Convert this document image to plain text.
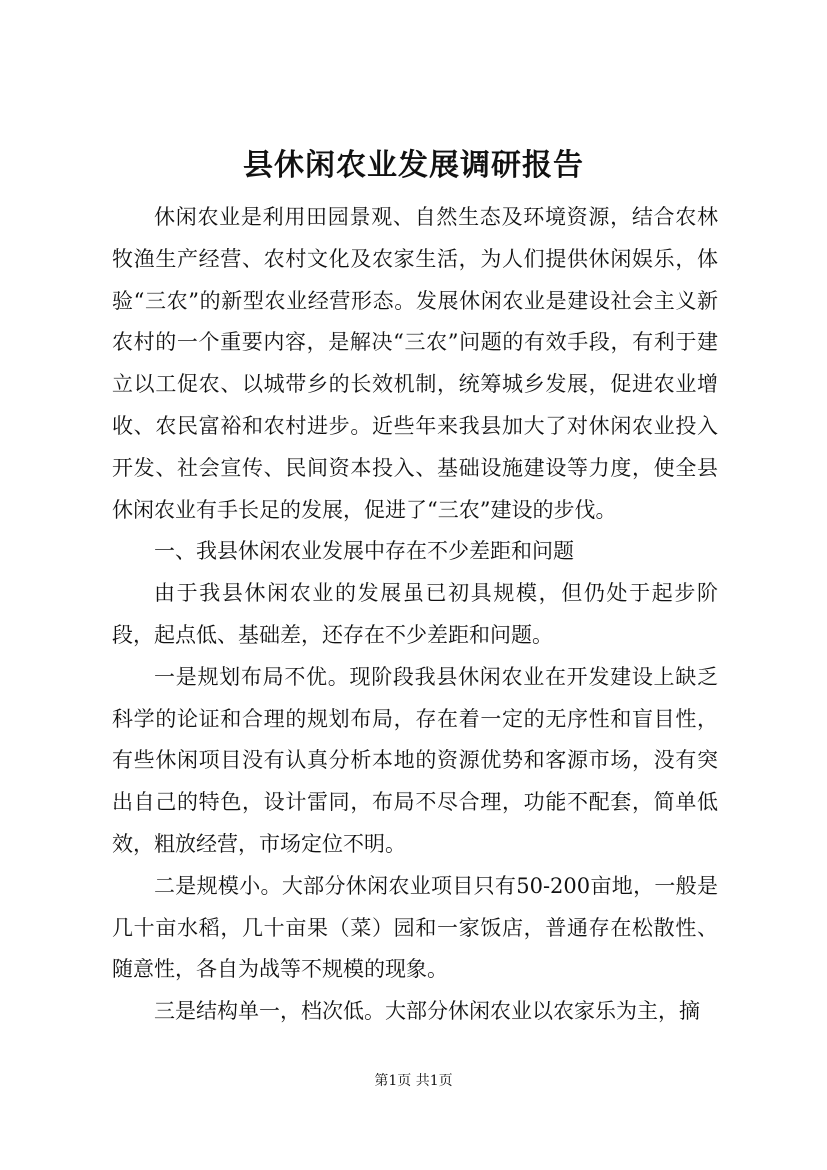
县休闲农业发展调研报告

休闲农业是利用田园景观、自然生态及环境资源，结合农林牧渔生产经营、农村文化及农家生活，为人们提供休闲娱乐，体验“三农”的新型农业经营形态。发展休闲农业是建设社会主义新农村的一个重要内容，是解决“三农”问题的有效手段，有利于建立以工促农、以城带乡的长效机制，统筹城乡发展，促进农业增收、农民富裕和农村进步。近些年来我县加大了对休闲农业投入开发、社会宣传、民间资本投入、基础设施建设等力度，使全县休闲农业有手长足的发展，促进了“三农”建设的步伐。

一、我县休闲农业发展中存在不少差距和问题

由于我县休闲农业的发展虽已初具规模，但仍处于起步阶段，起点低、基础差，还存在不少差距和问题。

一是规划布局不优。现阶段我县休闲农业在开发建设上缺乏科学的论证和合理的规划布局，存在着一定的无序性和盲目性，有些休闲项目没有认真分析本地的资源优势和客源市场，没有突出自己的特色，设计雷同，布局不尽合理，功能不配套，简单低效，粗放经营，市场定位不明。

二是规模小。大部分休闲农业项目只有50-200亩地，一般是几十亩水稻，几十亩果（菜）园和一家饭店，普通存在松散性、随意性，各自为战等不规模的现象。

三是结构单一，档次低。大部分休闲农业以农家乐为主，摘

第1页 共1页
